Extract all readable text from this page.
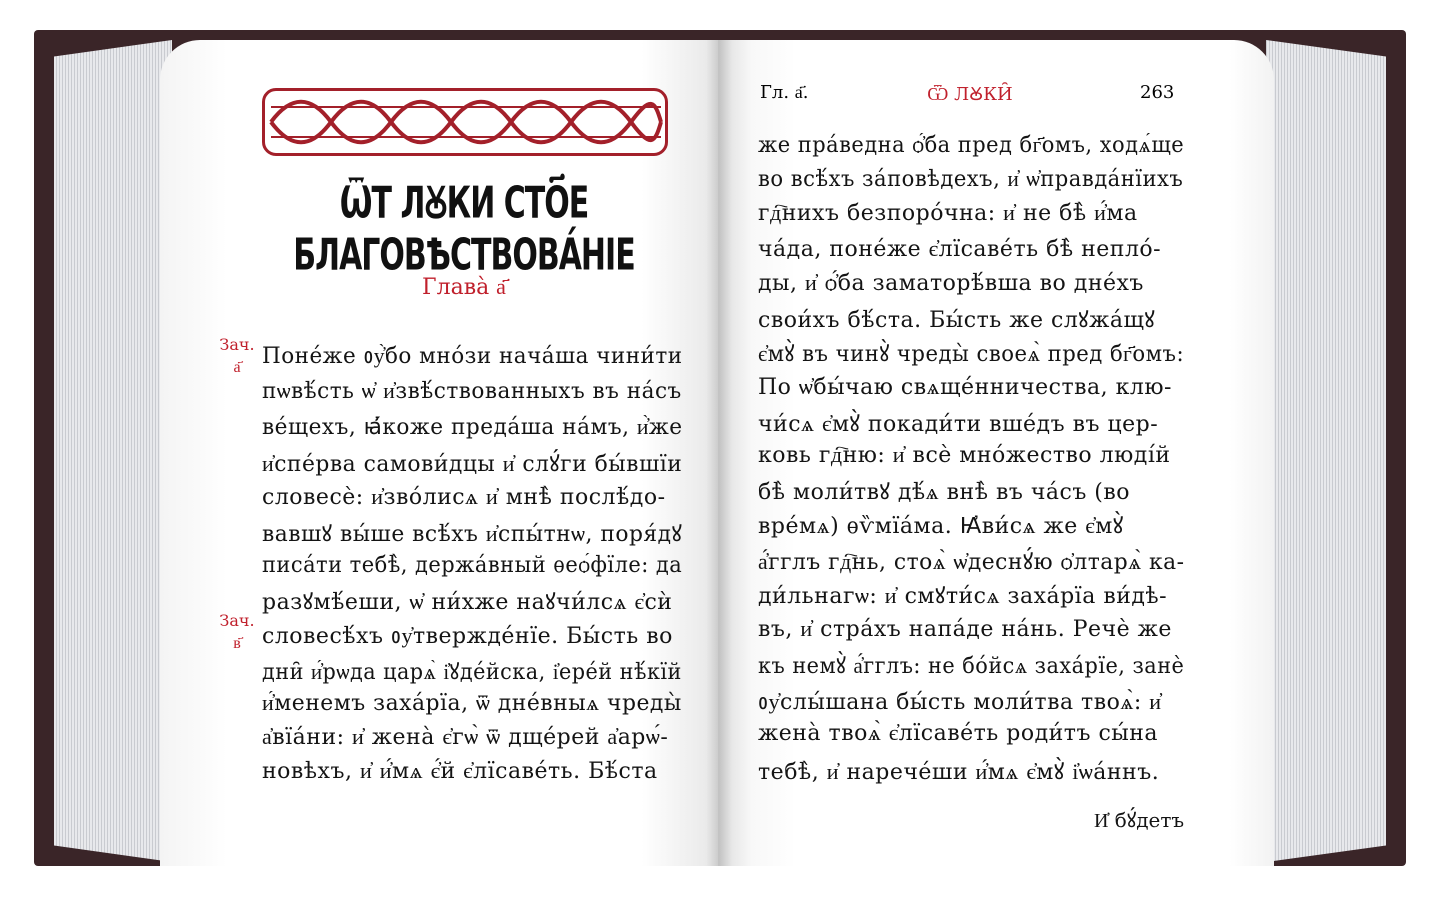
ѾТ ЛꙊКИ СТО҃Е БЛАГОВѢСТВОВА́НІЕ
Глава̀ а҃
Зач. а҃
Зач. в҃
Поне́же ᲂу҆̀бо мно́зи нача́ша чини́ти
пѡвѣ́сть ѡ҆ и҆звѣ́ствованныхъ въ на́съ
ве́щехъ, ꙗ҆́коже преда́ша на́мъ, и҆̀же
и҆спе́рва самови́дцы и҆ слꙋ́ги бы́вшїи
словесѐ: и҆зво́лисѧ и҆ мнѣ̀ послѣ́до-
вавшꙋ вы́ше всѣ́хъ и҆спы́тнѡ, поря́дꙋ
писа́ти тебѣ̀, держа́вный ѳеѻ́фїле: да
разꙋмѣ́еши, ѡ҆ ни́хже наꙋчи́лсѧ є҆сѝ
словесѣ́хъ ᲂу҆твержде́нїе. Бы́сть во
дни̑ и҆́рѡда царѧ̀ і҆ꙋде́йска, і҆ере́й нѣ́кїй
и҆́менемъ заха́рїа, ѿ дне́вныѧ чреды̀
а҆вїа́ни: и҆ жена̀ є҆гѡ̀ ѿ дще́рей а҆арѡ́-
новѣхъ, и҆ и҆́мѧ є҆́й є҆лїсаве́ть. Бѣ́ста
Гл. а҃.	Ѿ ЛꙊКИ̑	263
же пра́ведна ѻ҆́ба пред бг҃омъ, ходѧ́ще
во всѣ́хъ за́повѣдехъ, и҆ ѡ҆правда́нїихъ
гд҇нихъ безпоро́чна: и҆ не бѣ̀ и҆́ма
ча́да, поне́же є҆лїсаве́ть бѣ̀ непло́-
ды, и҆ ѻ҆́ба заматорѣ́вша во дне́хъ
свои́хъ бѣ́ста. Бы́сть же слꙋжа́щꙋ
є҆мꙋ̀ въ чинꙋ̀ чреды̀ своеѧ̀ пред бг҃омъ:
По ѡ҆бы́чаю свѧще́нничества, клю-
чи́сѧ є҆мꙋ̀ покади́ти вше́дъ въ цер-
ковь гд҇ню: и҆ всѐ мно́жество люді́й
бѣ̀ моли́твꙋ дѣ́ѧ внѣ̀ въ ча́съ (во
вре́мѧ) ѳѷмїа́ма. Ꙗ҆ви́сѧ же є҆мꙋ̀
а҆́гглъ гд҇нь, стоѧ̀ ѡ҆деснꙋ́ю ѻ҆лтарѧ̀ ка-
ди́льнагѡ: и҆ смꙋти́сѧ заха́рїа ви́дѣ-
въ, и҆ стра́хъ напа́де на́нь. Речѐ же
къ немꙋ̀ а҆́гглъ: не бо́йсѧ заха́рїе, занѐ
ᲂу҆слы́шана бы́сть моли́тва твоѧ̀: и҆
жена̀ твоѧ̀ є҆лїсаве́ть роди́тъ сы́на
тебѣ̀, и҆ нарече́ши и҆́мѧ є҆мꙋ̀ і҆ѡа́ннъ.
И҆ бꙋ́детъ
